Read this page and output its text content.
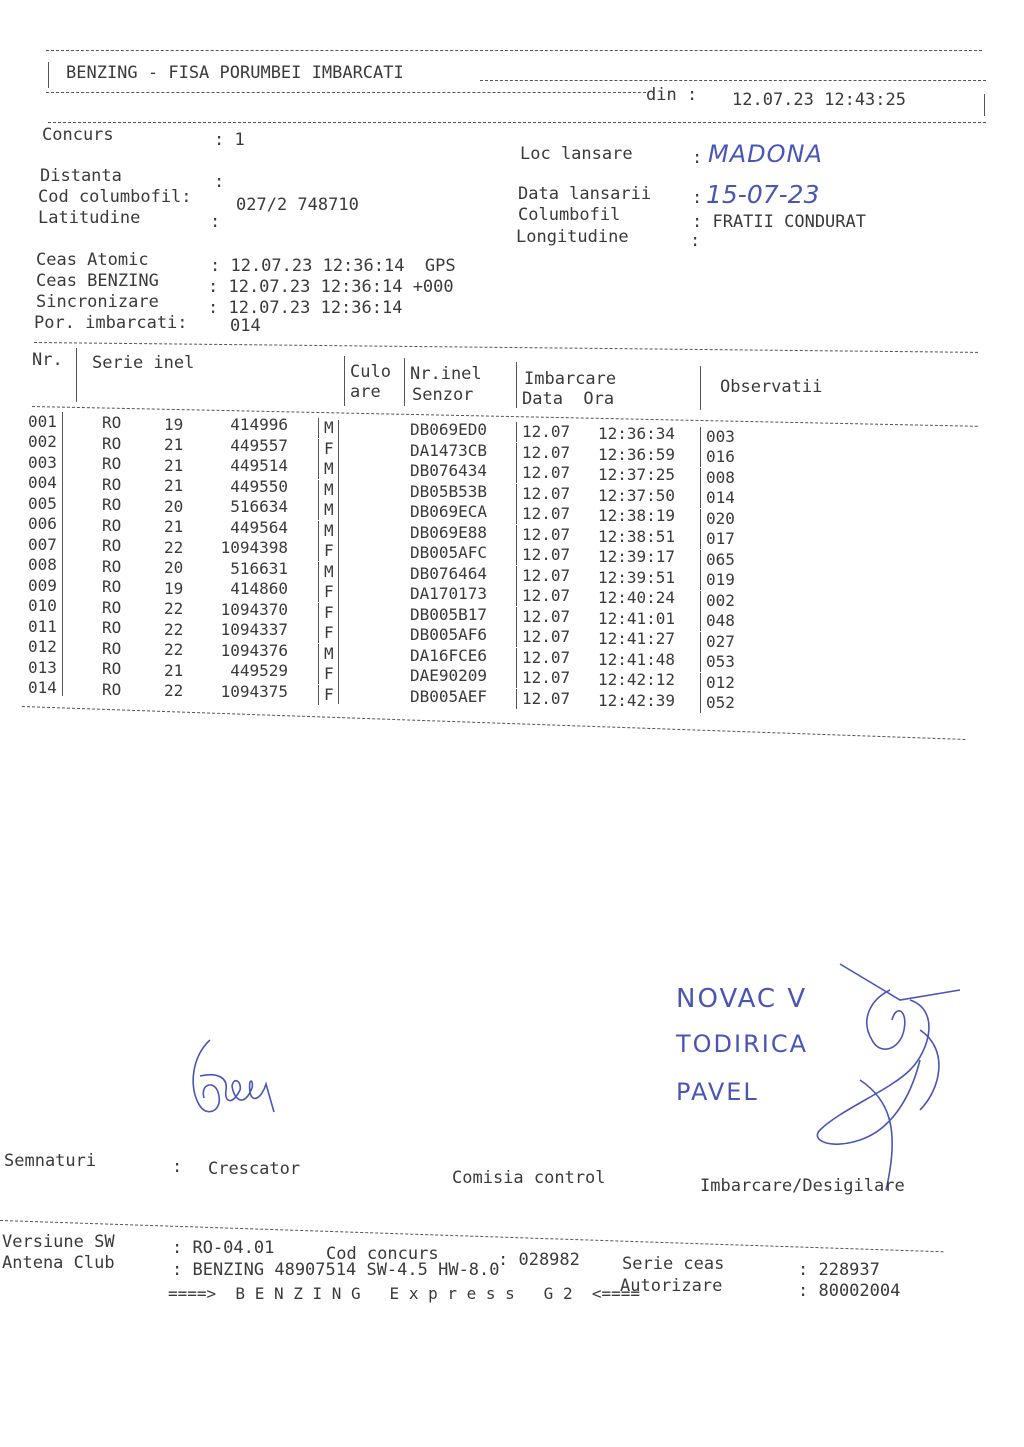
BENZING - FISA PORUMBEI IMBARCATI
din : 12.07.23 12:43:25
Concurs	: 1
Distanta	:
Cod columbofil:	027/2 748710
Latitudine	:
Loc lansare	:
MADONA
Data lansarii : 15-07-23
Columbofil	: FRATII CONDURAT
Longitudine	:
Ceas Atomic	: 12.07.23 12:36:14  GPS
Ceas BENZING	: 12.07.23 12:36:14 +000
Sincronizare	: 12.07.23 12:36:14
Por. imbarcati: 014
Nr. Serie inel	Culo
are
Nr.inel
Senzor
Imbarcare
Data  Ora
Observatii
001	RO	19	414996 M	DB069ED0 12.07 12:36:34 003
002	RO	21	449557 F	DA1473CB 12.07 12:36:59 016
003	RO	21	449514 M	DB076434 12.07 12:37:25 008
004	RO	21	449550 M	DB05B53B 12.07 12:37:50 014
005	RO	20	516634 M	DB069ECA 12.07 12:38:19 020
006	RO	21	449564 M	DB069E88 12.07 12:38:51 017
007	RO	22	1094398 F	DB005AFC 12.07 12:39:17 065
008	RO	20	516631 M	DB076464 12.07 12:39:51 019
009	RO	19	414860 F	DA170173 12.07 12:40:24 002
010	RO	22	1094370 F	DB005B17 12.07 12:41:01 048
011	RO	22	1094337 F	DB005AF6 12.07 12:41:27 027
012	RO	22	1094376 M	DA16FCE6 12.07 12:41:48 053
013	RO	21	449529 F	DAE90209 12.07 12:42:12 012
014	RO	22	1094375 F	DB005AEF 12.07 12:42:39 052
NOVAC V
TODIRICA
PAVEL
Semnaturi	: Crescator	Comisia control	Imbarcare/Desigilare
Versiune SW	: RO-04.01	Cod concurs	: 028982 Serie ceas	: 228937
Antena Club	: BENZING 48907514 SW-4.5 HW-8.0
Autorizare	: 80002004
====>  B E N Z I N G   E x p r e s s   G 2  <====
